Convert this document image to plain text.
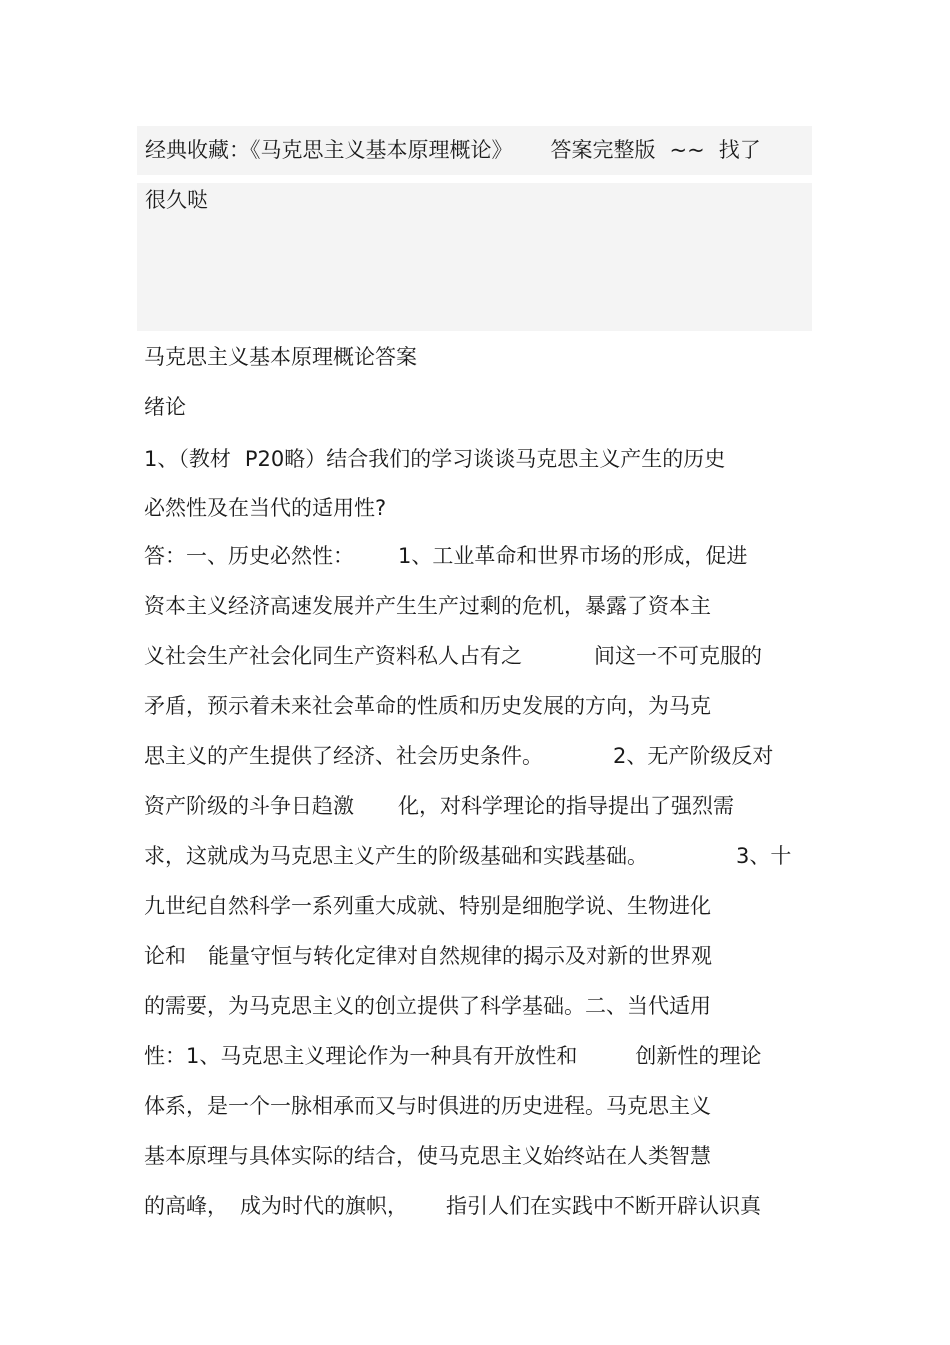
经典收藏：《马克思主义基本原理概论》 答案完整版 ~~ 找了
很久哒
马克思主义基本原理概论答案
绪论
1、（教材 P20略）结合我们的学习谈谈马克思主义产生的历史
必然性及在当代的适用性?
答：一、历史必然性： 1、工业革命和世界市场的形成，促进
资本主义经济高速发展并产生生产过剩的危机，暴露了资本主
义社会生产社会化同生产资料私人占有之	间这一不可克服的
矛盾，预示着未来社会革命的性质和历史发展的方向，为马克
思主义的产生提供了经济、社会历史条件。	2、无产阶级反对
资产阶级的斗争日趋激 化，对科学理论的指导提出了强烈需
求，这就成为马克思主义产生的阶级基础和实践基础。	3、十
九世纪自然科学一系列重大成就、特别是细胞学说、生物进化
论和 能量守恒与转化定律对自然规律的揭示及对新的世界观
的需要，为马克思主义的创立提供了科学基础。二、当代适用
性：1、马克思主义理论作为一种具有开放性和	创新性的理论
体系，是一个一脉相承而又与时俱进的历史进程。马克思主义
基本原理与具体实际的结合，使马克思主义始终站在人类智慧
的高峰， 成为时代的旗帜， 指引人们在实践中不断开辟认识真
